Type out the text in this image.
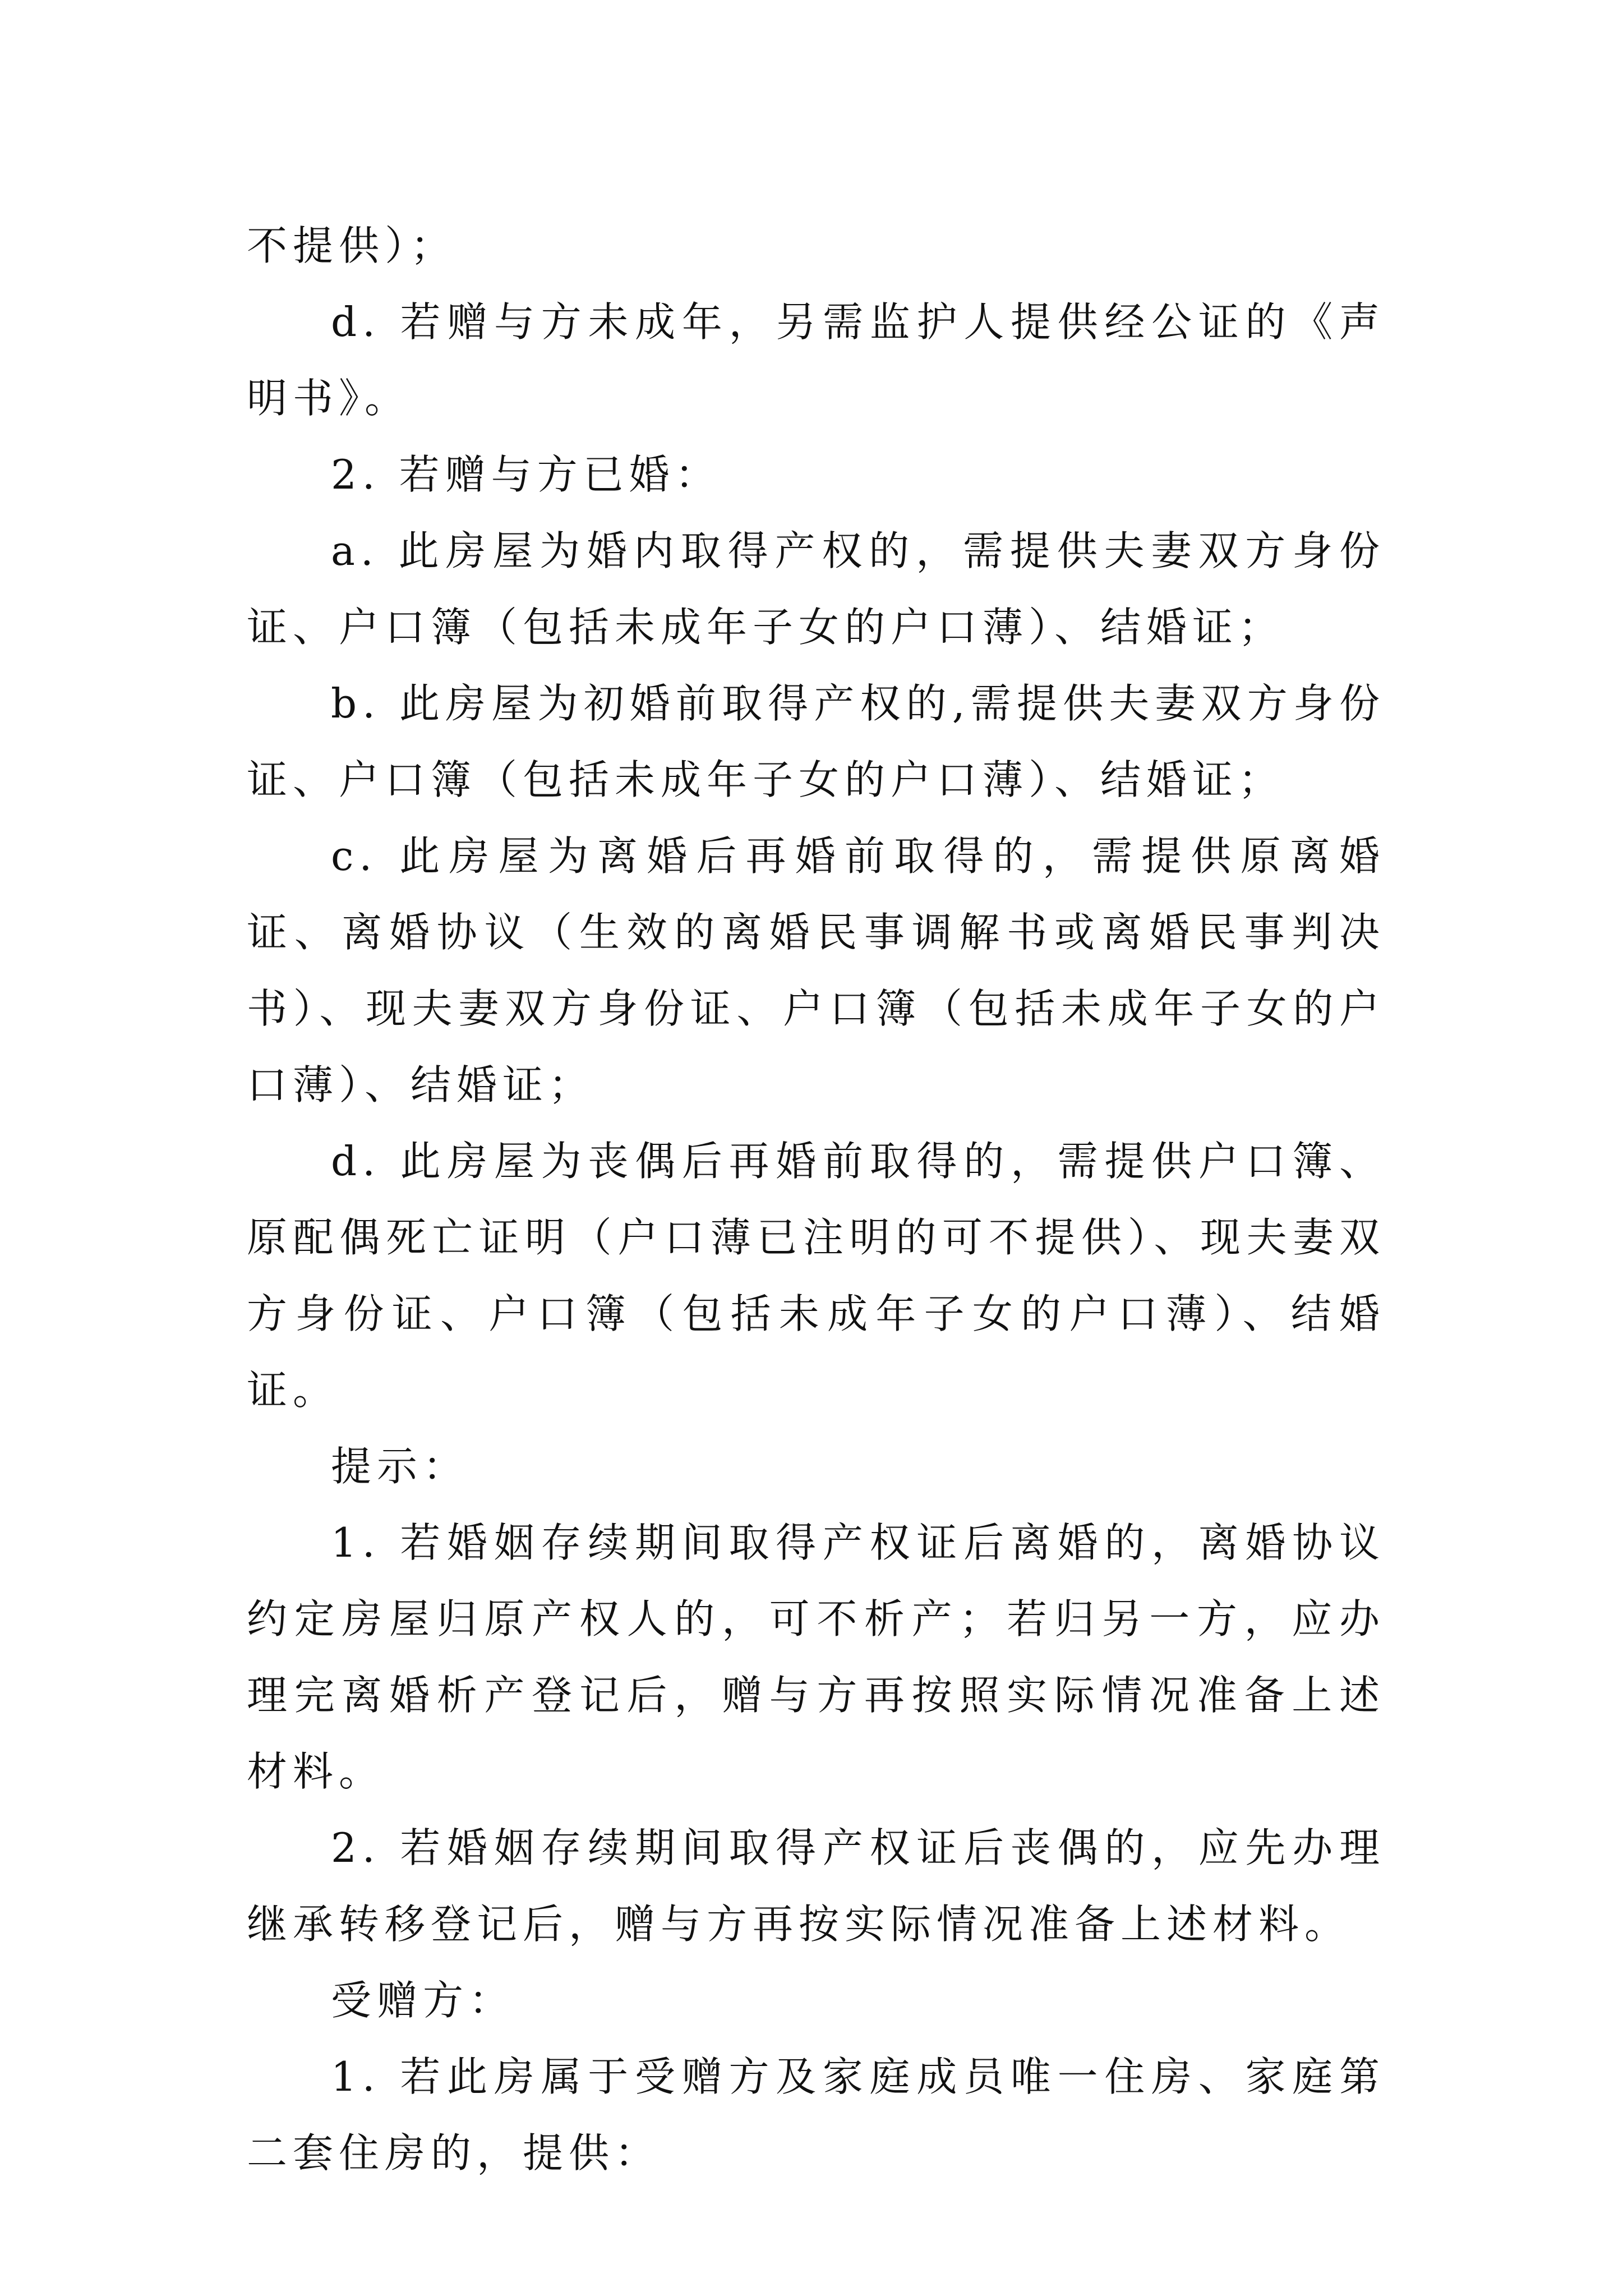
不提供）；

d. 若赠与方未成年，另需监护人提供经公证的《声明书》。

2. 若赠与方已婚：

a. 此房屋为婚内取得产权的，需提供夫妻双方身份证、户口簿（包括未成年子女的户口薄）、结婚证；

b. 此房屋为初婚前取得产权的,需提供夫妻双方身份证、户口簿（包括未成年子女的户口薄）、结婚证；

c. 此房屋为离婚后再婚前取得的，需提供原离婚证、离婚协议（生效的离婚民事调解书或离婚民事判决书）、现夫妻双方身份证、户口簿（包括未成年子女的户口薄）、结婚证；

d. 此房屋为丧偶后再婚前取得的，需提供户口簿、原配偶死亡证明（户口薄已注明的可不提供）、现夫妻双方身份证、户口簿（包括未成年子女的户口薄）、结婚证。

提示：

1. 若婚姻存续期间取得产权证后离婚的，离婚协议约定房屋归原产权人的，可不析产；若归另一方，应办理完离婚析产登记后，赠与方再按照实际情况准备上述材料。

2. 若婚姻存续期间取得产权证后丧偶的，应先办理继承转移登记后，赠与方再按实际情况准备上述材料。

受赠方：

1. 若此房属于受赠方及家庭成员唯一住房、家庭第二套住房的，提供：
